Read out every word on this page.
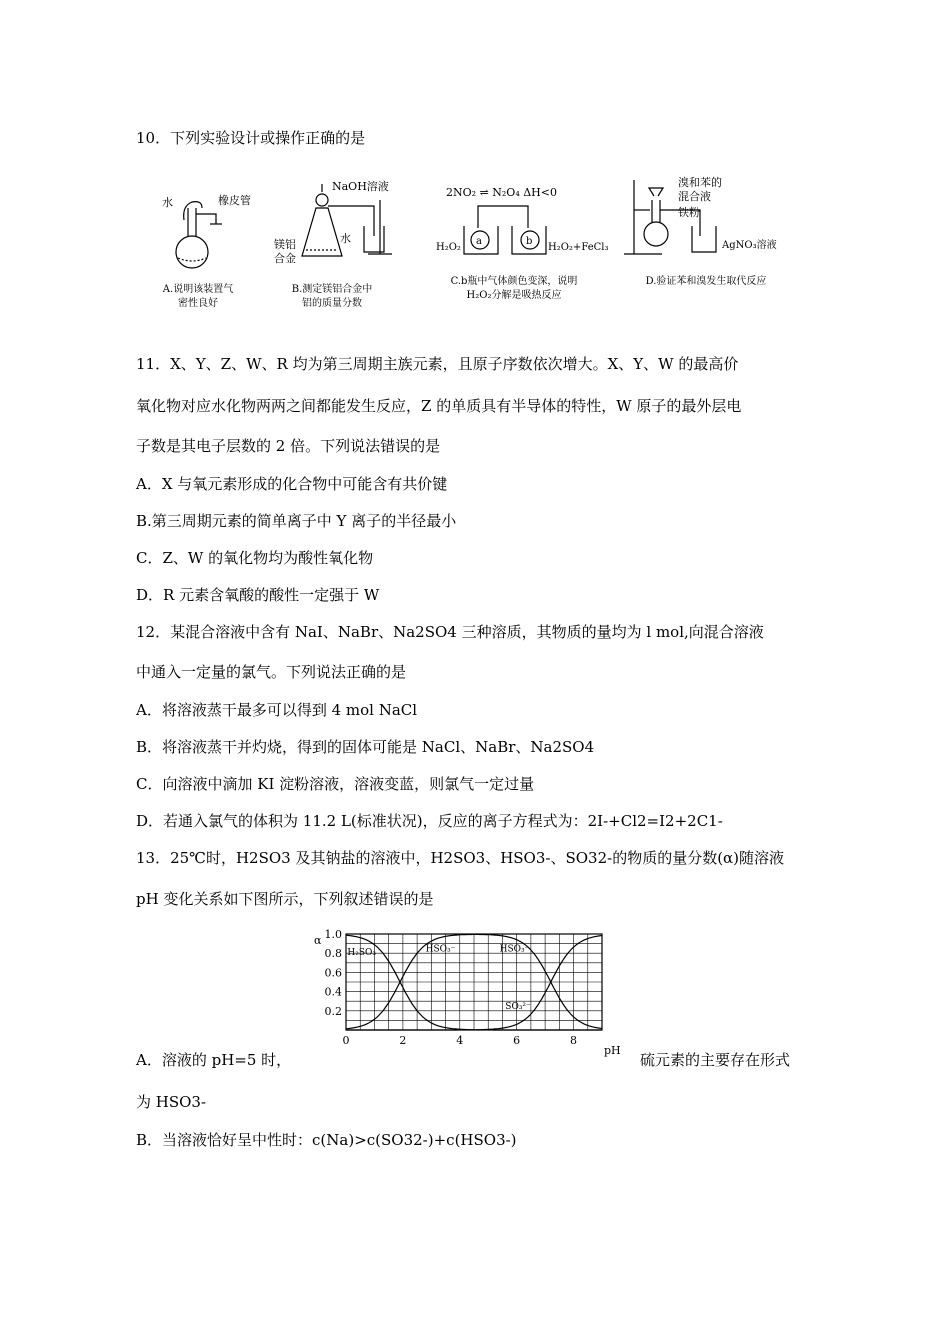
10．下列实验设计或操作正确的是
水	橡皮管
A.说明该装置气
密性良好
NaOH溶液
镁铝
合金
水
B.测定镁铝合金中
铝的质量分数
2NO₂ ⇌ N₂O₄ ΔH<0
H₂O₂	H₂O₂+FeCl₃
a	b
C.b瓶中气体颜色变深，说明
H₂O₂分解是吸热反应
溴和苯的
混合液
铁粉
AgNO₃溶液
D.验证苯和溴发生取代反应
11．X、Y、Z、W、R 均为第三周期主族元素，且原子序数依次增大。X、Y、W 的最高价
氧化物对应水化物两两之间都能发生反应，Z 的单质具有半导体的特性，W 原子的最外层电
子数是其电子层数的 2 倍。下列说法错误的是
A．X 与氧元素形成的化合物中可能含有共价键
B.第三周期元素的简单离子中 Y 离子的半径最小
C．Z、W 的氧化物均为酸性氧化物
D．R 元素含氧酸的酸性一定强于 W
12．某混合溶液中含有 NaI、NaBr、Na2SO4 三种溶质，其物质的量均为 l mol,向混合溶液
中通入一定量的氯气。下列说法正确的是
A．将溶液蒸干最多可以得到 4 mol NaCl
B．将溶液蒸干并灼烧，得到的固体可能是 NaCl、NaBr、Na2SO4
C．向溶液中滴加 KI 淀粉溶液，溶液变蓝，则氯气一定过量
D．若通入氯气的体积为 11.2 L(标准状况)，反应的离子方程式为：2I-+Cl2=I2+2C1-
13．25℃时，H2SO3 及其钠盐的溶液中，H2SO3、HSO3-、SO32-的物质的量分数(α)随溶液
pH 变化关系如下图所示，下列叙述错误的是
0.2
0.4
0.6
0.8
1.0
0	2	4	6	8
α
pH
H₂SO₃	HSO₃⁻	HSO₃⁻
SO₃²⁻
A．溶液的 pH=5 时，	硫元素的主要存在形式
为 HSO3-
B．当溶液恰好呈中性时：c(Na)>c(SO32-)+c(HSO3-)
